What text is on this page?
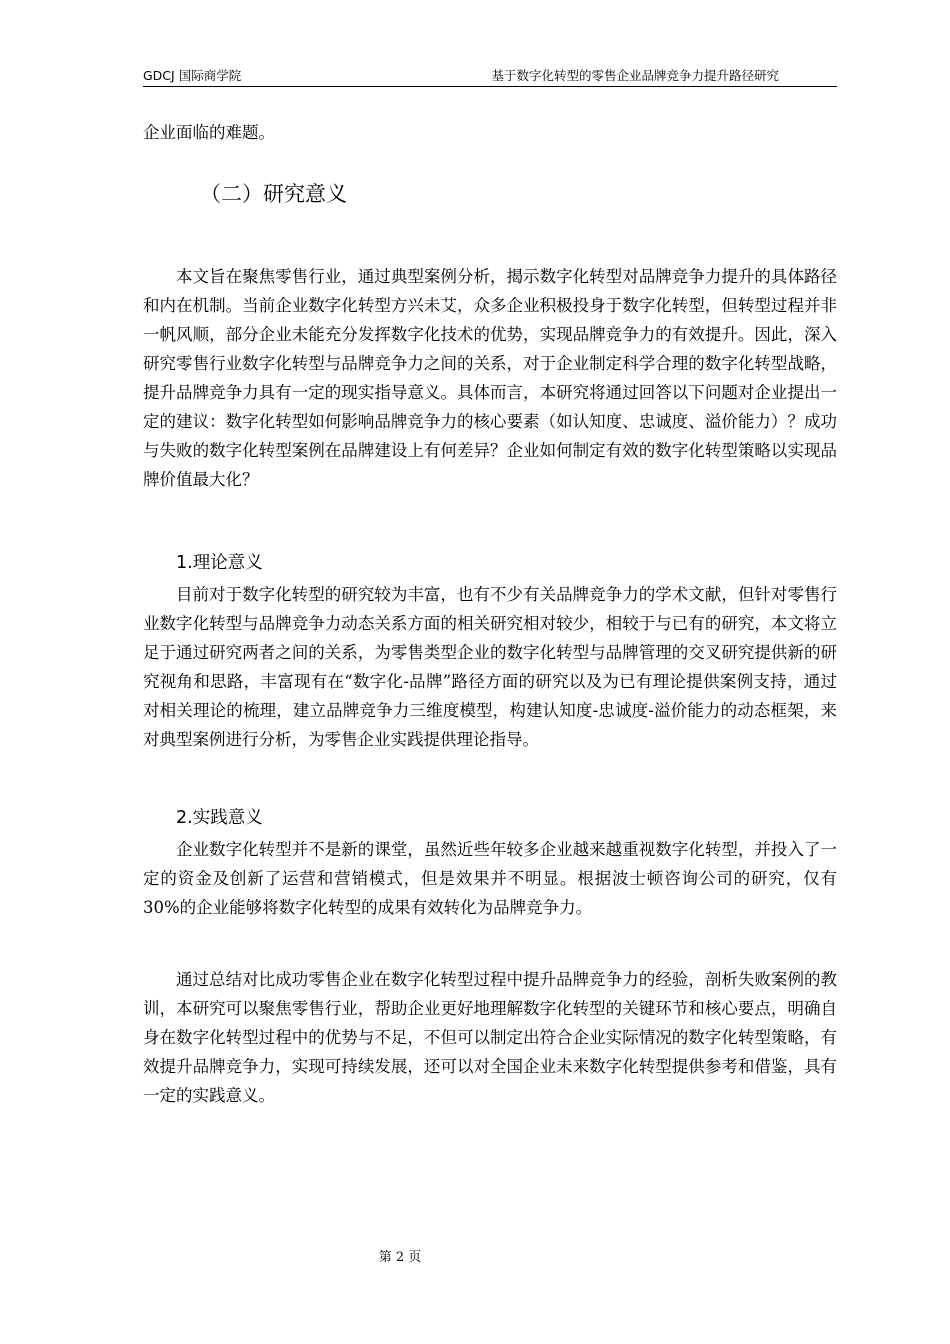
GDCJ 国际商学院	基于数字化转型的零售企业品牌竞争力提升路径研究

企业面临的难题。

（二）研究意义

本文旨在聚焦零售行业，通过典型案例分析，揭示数字化转型对品牌竞争力提升的具体路径和内在机制。当前企业数字化转型方兴未艾，众多企业积极投身于数字化转型，但转型过程并非一帆风顺，部分企业未能充分发挥数字化技术的优势，实现品牌竞争力的有效提升。因此，深入研究零售行业数字化转型与品牌竞争力之间的关系，对于企业制定科学合理的数字化转型战略，提升品牌竞争力具有一定的现实指导意义。具体而言，本研究将通过回答以下问题对企业提出一定的建议：数字化转型如何影响品牌竞争力的核心要素（如认知度、忠诚度、溢价能力）？成功与失败的数字化转型案例在品牌建设上有何差异？企业如何制定有效的数字化转型策略以实现品牌价值最大化？

1.理论意义

目前对于数字化转型的研究较为丰富，也有不少有关品牌竞争力的学术文献，但针对零售行业数字化转型与品牌竞争力动态关系方面的相关研究相对较少，相较于与已有的研究，本文将立足于通过研究两者之间的关系，为零售类型企业的数字化转型与品牌管理的交叉研究提供新的研究视角和思路，丰富现有在“数字化-品牌”路径方面的研究以及为已有理论提供案例支持，通过对相关理论的梳理，建立品牌竞争力三维度模型，构建认知度-忠诚度-溢价能力的动态框架，来对典型案例进行分析，为零售企业实践提供理论指导。

2.实践意义

企业数字化转型并不是新的课堂，虽然近些年较多企业越来越重视数字化转型，并投入了一定的资金及创新了运营和营销模式，但是效果并不明显。根据波士顿咨询公司的研究，仅有30%的企业能够将数字化转型的成果有效转化为品牌竞争力。

通过总结对比成功零售企业在数字化转型过程中提升品牌竞争力的经验，剖析失败案例的教训，本研究可以聚焦零售行业，帮助企业更好地理解数字化转型的关键环节和核心要点，明确自身在数字化转型过程中的优势与不足，不但可以制定出符合企业实际情况的数字化转型策略，有效提升品牌竞争力，实现可持续发展，还可以对全国企业未来数字化转型提供参考和借鉴，具有一定的实践意义。

第 2 页
